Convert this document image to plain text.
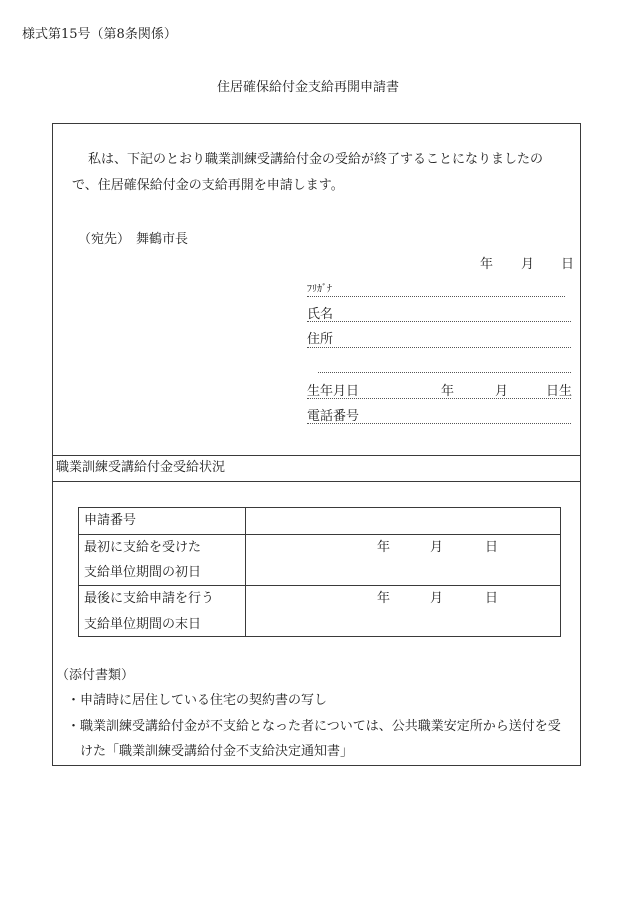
様式第15号（第8条関係）
住居確保給付金支給再開申請書
私は、下記のとおり職業訓練受講給付金の受給が終了することになりましたの
で、住居確保給付金の支給再開を申請します。
（宛先） 舞鶴市長
年 月 日
ﾌﾘｶﾞﾅ
氏名
住所
生年月日	年	月	日生
電話番号
職業訓練受講給付金受給状況
申請番号
最初に支給を受けた
支給単位期間の初日
年	月	日
最後に支給申請を行う
支給単位期間の末日
年	月	日
（添付書類）
・ 申請時に居住している住宅の契約書の写し
・ 職業訓練受講給付金が不支給となった者については、公共職業安定所から送付を受
けた「職業訓練受講給付金不支給決定通知書」
